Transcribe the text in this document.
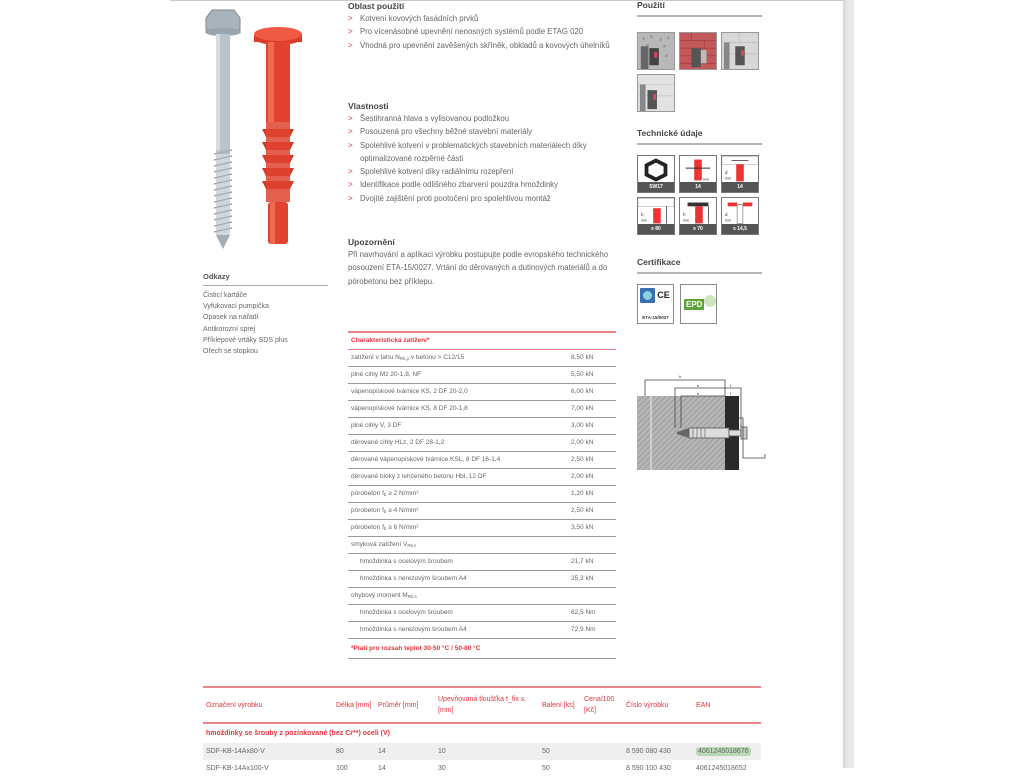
Odkazy
Čisticí kartáče
Vyfukovací pumpička
Opasek na nářadí
Antikorozní sprej
Příklepové vrtáky SDS plus
Ořech se stopkou
Oblast použití
> Kotvení kovových fasádních prvků
> Pro vícenásobné upevnění nenosných systémů podle ETAG 020
> Vhodná pro upevnění zavěšených skříněk, obkladů a kovových úhelníků
Vlastnosti
> Šestihranná hlava s vylisovanou podložkou
> Posouzená pro všechny běžné stavební materiály
> Spolehlivé kotvení v problematických stavebních materiálech díky optimalizované rozpěrné části
> Spolehlivé kotvení díky radiálnímu rozepření
> Identifikace podle odlišného zbarvení pouzdra hmoždinky
> Dvojité zajištění proti pootočení pro spolehlivou montáž
Upozornění

Při navrhování a aplikaci výrobku postupujte podle evropského technického posouzení ETA-15/0027. Vrtání do děrovaných a dutinových materiálů a do pórobetonu bez příklepu.

Charakteristická zatížení*	
zatížení v tahu NRk,p v betonu > C12/15	8,50 kN
plné cihly Mz 20-1,8, NF	5,50 kN
vápenopískové tvárnice KS, 2 DF 20-2,0	6,00 kN
vápenopískové tvárnice KS, 8 DF 20-1,8	7,00 kN
plné cihly V, 3 DF	3,00 kN
děrované cihly HLz, 2 DF 28-1,2	2,00 kN
děrované vápenopískové tvárnice KSL, 8 DF 16-1,4	2,50 kN
děrované bloky z lehčeného betonu Hbl, 12 DF	2,00 kN
pórobeton fb ≥ 2 N/mm²	1,20 kN
pórobeton fb ≥ 4 N/mm²	2,50 kN
pórobeton fb ≥ 6 N/mm²	3,50 kN
smyková zatížení VRk,s	
hmoždinka s ocelovým šroubem	21,7 kN
hmoždinka s nerezovým šroubem A4	25,3 kN
ohybový moment MRk,s	
hmoždinka s ocelovým šroubem	62,5 Nm
hmoždinka s nerezovým šroubem A4	72,9 Nm
*Platí pro rozsah teplot 30-50 °C / 50-80 °C	
Použití
Technické údaje
SW17
mm
14
d
mm
14
h
mm
≥ 80
h
mm
≥ 70
d
mm
≤ 14,5
Certifikace
CE
ETA-15/0027
EPD
h
h
h
t
t
Označení výrobku	Délka [mm]	Průměr [mm]	Upevňovaná tloušťka t_fix ≤ [mm]	Balení [ks]	Cena/100 [Kč]	Číslo výrobku	EAN
hmoždinky se šrouby z pozinkované (bez Cr**) oceli (V)							
SDF-KB-14Ax80-V	80	14	10	50		8 590 080 430	4061245018676
SDF-KB-14Ax100-V	100	14	30	50		8 590 100 430	4061245018652
